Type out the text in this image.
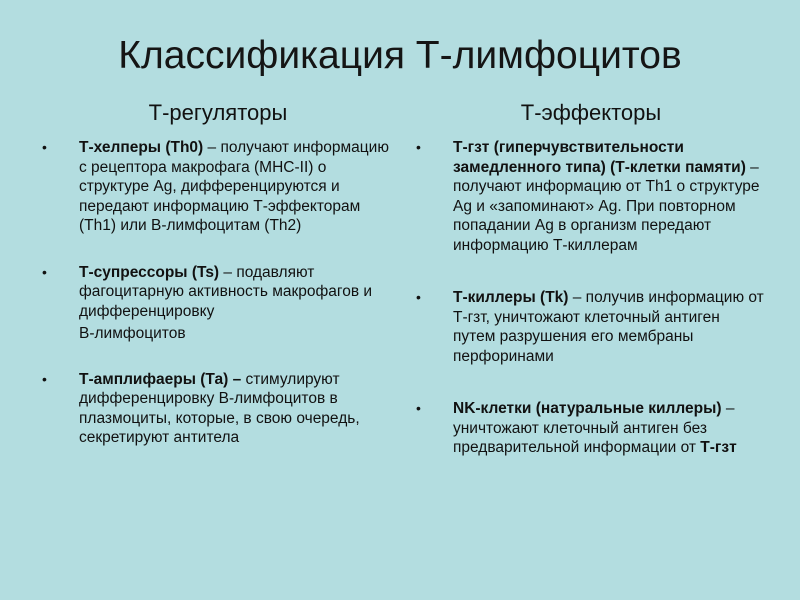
Классификация Т-лимфоцитов
Т-регуляторы
• Т-хелперы (Th0) – получают информацию с рецептора макрофага (МНС-II) о структуре Ag, дифференцируются и передают информацию Т-эффекторам (Th1) или В-лимфоцитам (Th2)
• Т-супрессоры (Ts) – подавляют фагоцитарную активность макрофагов и дифференцировку
В-лимфоцитов
• Т-амплифаеры (Та) – стимулируют дифференцировку В-лимфоцитов в плазмоциты, которые, в свою очередь, секретируют антитела
Т-эффекторы
• Т-гзт (гиперчувствительности замедленного типа) (Т-клетки памяти) – получают информацию от Th1 о структуре Ag и «запоминают» Ag. При повторном попадании Ag в организм передают информацию Т-киллерам
• Т-киллеры (Tk) – получив информацию от Т-гзт, уничтожают клеточный антиген путем разрушения его мембраны перфоринами
• NK-клетки (натуральные киллеры) – уничтожают клеточный антиген без предварительной информации от Т-гзт
